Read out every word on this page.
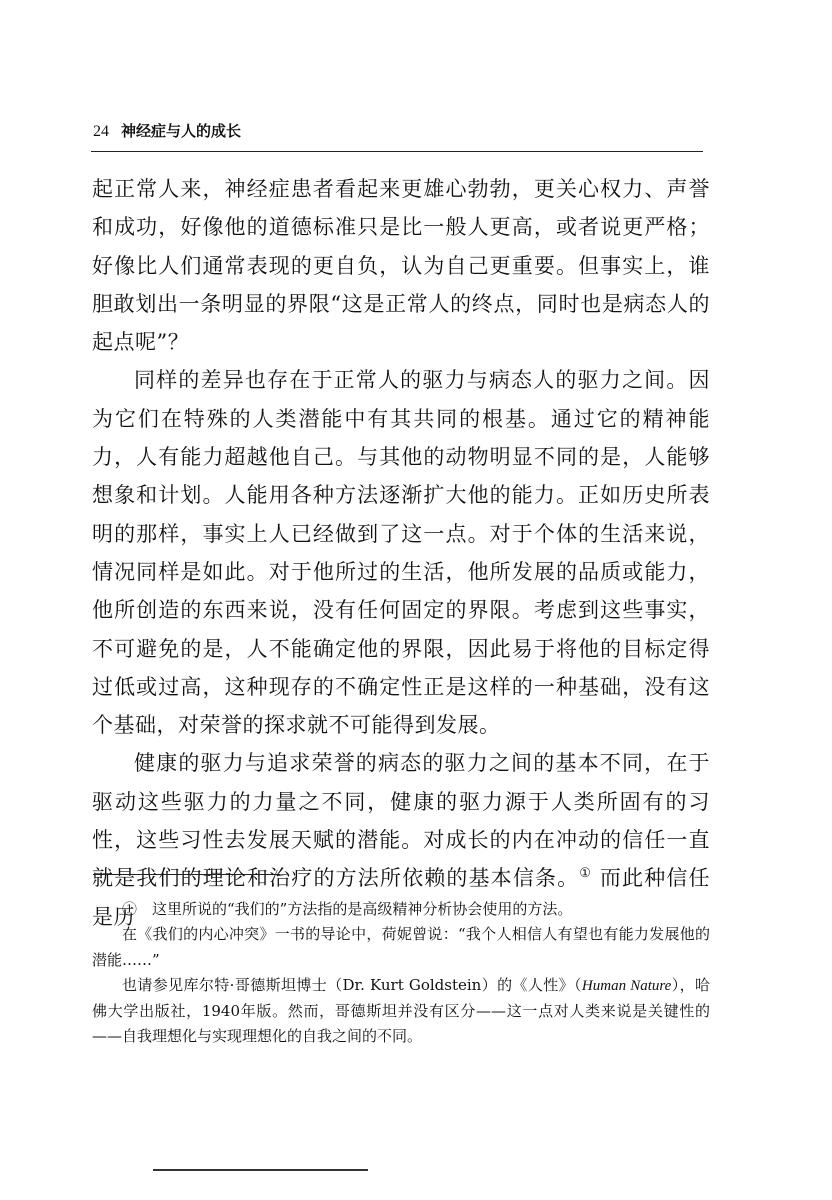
24 神经症与人的成长

起正常人来，神经症患者看起来更雄心勃勃，更关心权力、声誉和成功，好像他的道德标准只是比一般人更高，或者说更严格；好像比人们通常表现的更自负，认为自己更重要。但事实上，谁胆敢划出一条明显的界限“这是正常人的终点，同时也是病态人的起点呢”？

同样的差异也存在于正常人的驱力与病态人的驱力之间。因为它们在特殊的人类潜能中有其共同的根基。通过它的精神能力，人有能力超越他自己。与其他的动物明显不同的是，人能够想象和计划。人能用各种方法逐渐扩大他的能力。正如历史所表明的那样，事实上人已经做到了这一点。对于个体的生活来说，情况同样是如此。对于他所过的生活，他所发展的品质或能力，他所创造的东西来说，没有任何固定的界限。考虑到这些事实，不可避免的是，人不能确定他的界限，因此易于将他的目标定得过低或过高，这种现存的不确定性正是这样的一种基础，没有这个基础，对荣誉的探求就不可能得到发展。

健康的驱力与追求荣誉的病态的驱力之间的基本不同，在于驱动这些驱力的力量之不同，健康的驱力源于人类所固有的习性，这些习性去发展天赋的潜能。对成长的内在冲动的信任一直就是我们的理论和治疗的方法所依赖的基本信条。① 而此种信任是历

①　这里所说的“我们的”方法指的是高级精神分析协会使用的方法。

在《我们的内心冲突》一书的导论中，荷妮曾说：“我个人相信人有望也有能力发展他的潜能……”

也请参见库尔特·哥德斯坦博士（Dr. Kurt Goldstein）的《人性》（Human Nature），哈佛大学出版社，1940年版。然而，哥德斯坦并没有区分——这一点对人类来说是关键性的——自我理想化与实现理想化的自我之间的不同。
